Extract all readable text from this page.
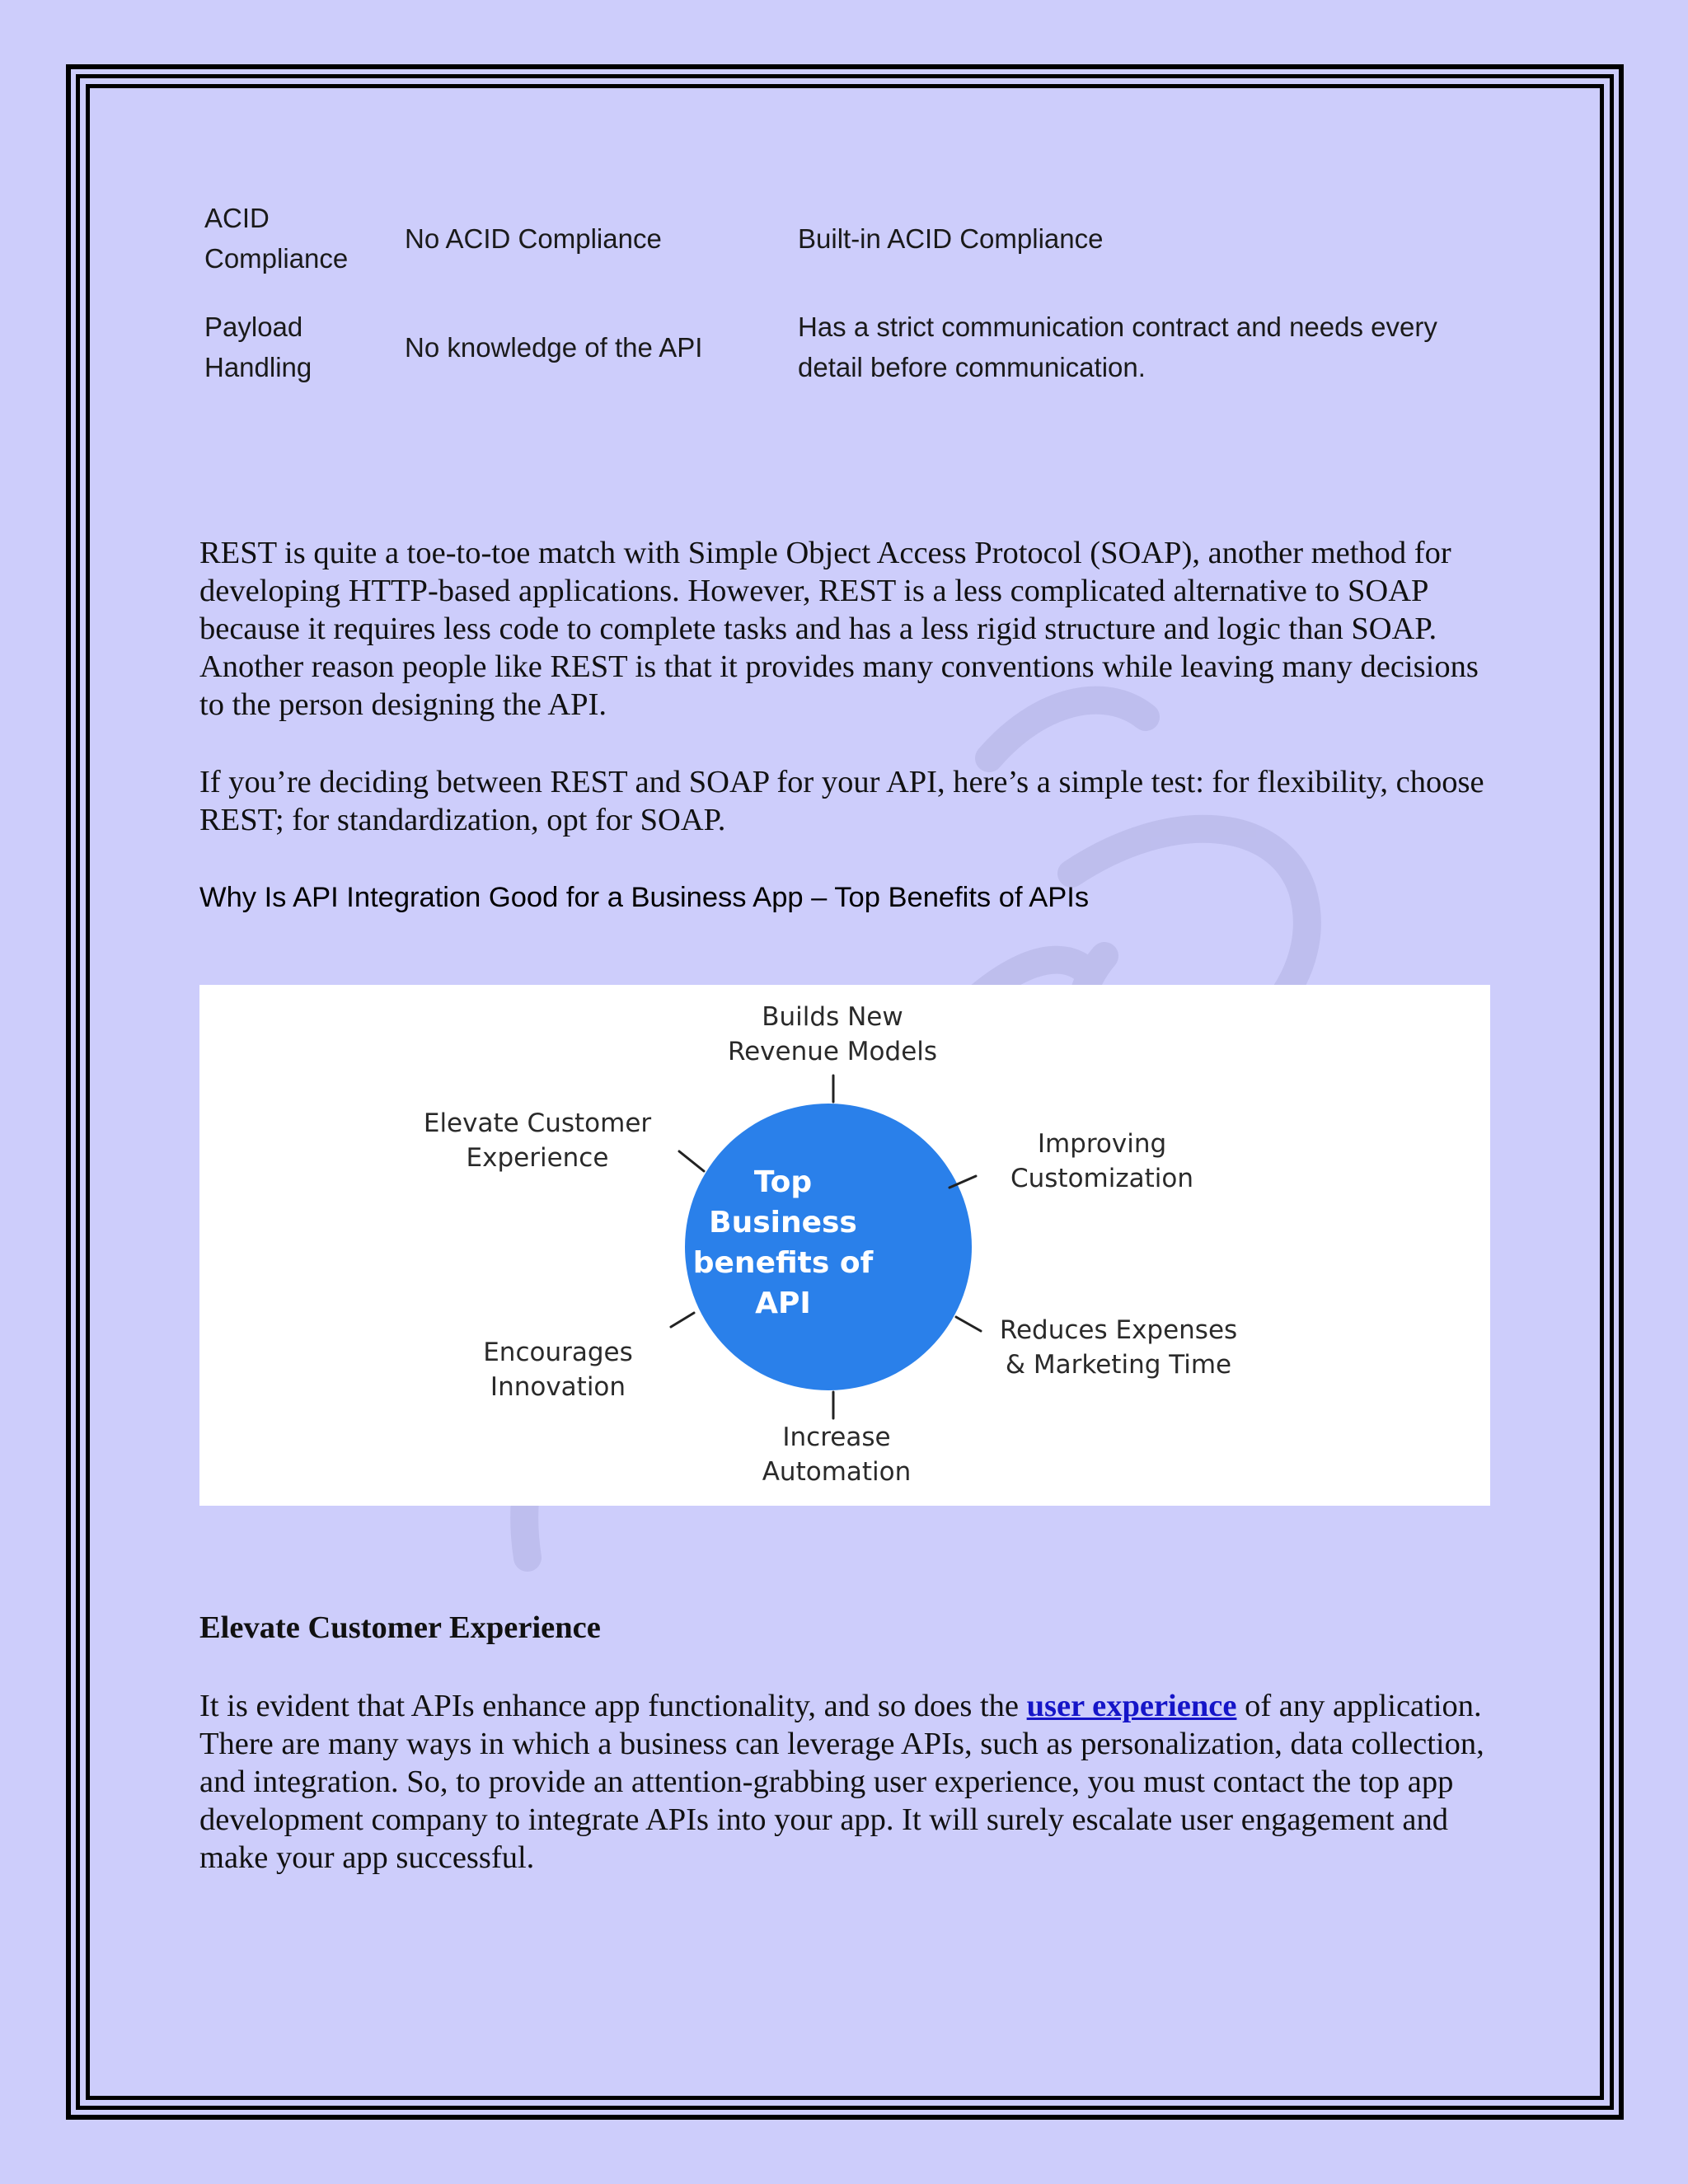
ACID Compliance
No ACID Compliance	Built-in ACID Compliance
Payload Handling
No knowledge of the API
Has a strict communication contract and needs every detail before communication.

REST is quite a toe-to-toe match with Simple Object Access Protocol (SOAP), another method for developing HTTP-based applications. However, REST is a less complicated alternative to SOAP because it requires less code to complete tasks and has a less rigid structure and logic than SOAP. Another reason people like REST is that it provides many conventions while leaving many decisions to the person designing the API.

If you’re deciding between REST and SOAP for your API, here’s a simple test: for flexibility, choose REST; for standardization, opt for SOAP.

Why Is API Integration Good for a Business App – Top Benefits of APIs
Top
Business
benefits of
API
Builds New
Revenue Models
Elevate Customer
Experience	Improving
Customization
Encourages
Innovation
Reduces Expenses
& Marketing Time
Increase
Automation
Elevate Customer Experience

It is evident that APIs enhance app functionality, and so does the user experience of any application. There are many ways in which a business can leverage APIs, such as personalization, data collection, and integration. So, to provide an attention-grabbing user experience, you must contact the top app development company to integrate APIs into your app. It will surely escalate user engagement and make your app successful.
